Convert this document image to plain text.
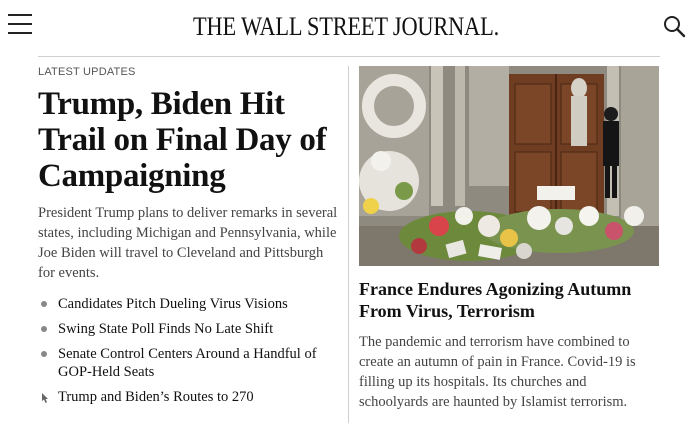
THE WALL STREET JOURNAL.
LATEST UPDATES
Trump, Biden Hit Trail on Final Day of Campaigning

President Trump plans to deliver remarks in several states, including Michigan and Pennsylvania, while Joe Biden will travel to Cleveland and Pittsburgh for events.

Candidates Pitch Dueling Virus Visions
Swing State Poll Finds No Late Shift
Senate Control Centers Around a Handful of GOP-Held Seats
Trump and Biden’s Routes to 270
France Endures Agonizing Autumn From Virus, Terrorism

The pandemic and terrorism have combined to create an autumn of pain in France. Covid-19 is filling up its hospitals. Its churches and schoolyards are haunted by Islamist terrorism.
